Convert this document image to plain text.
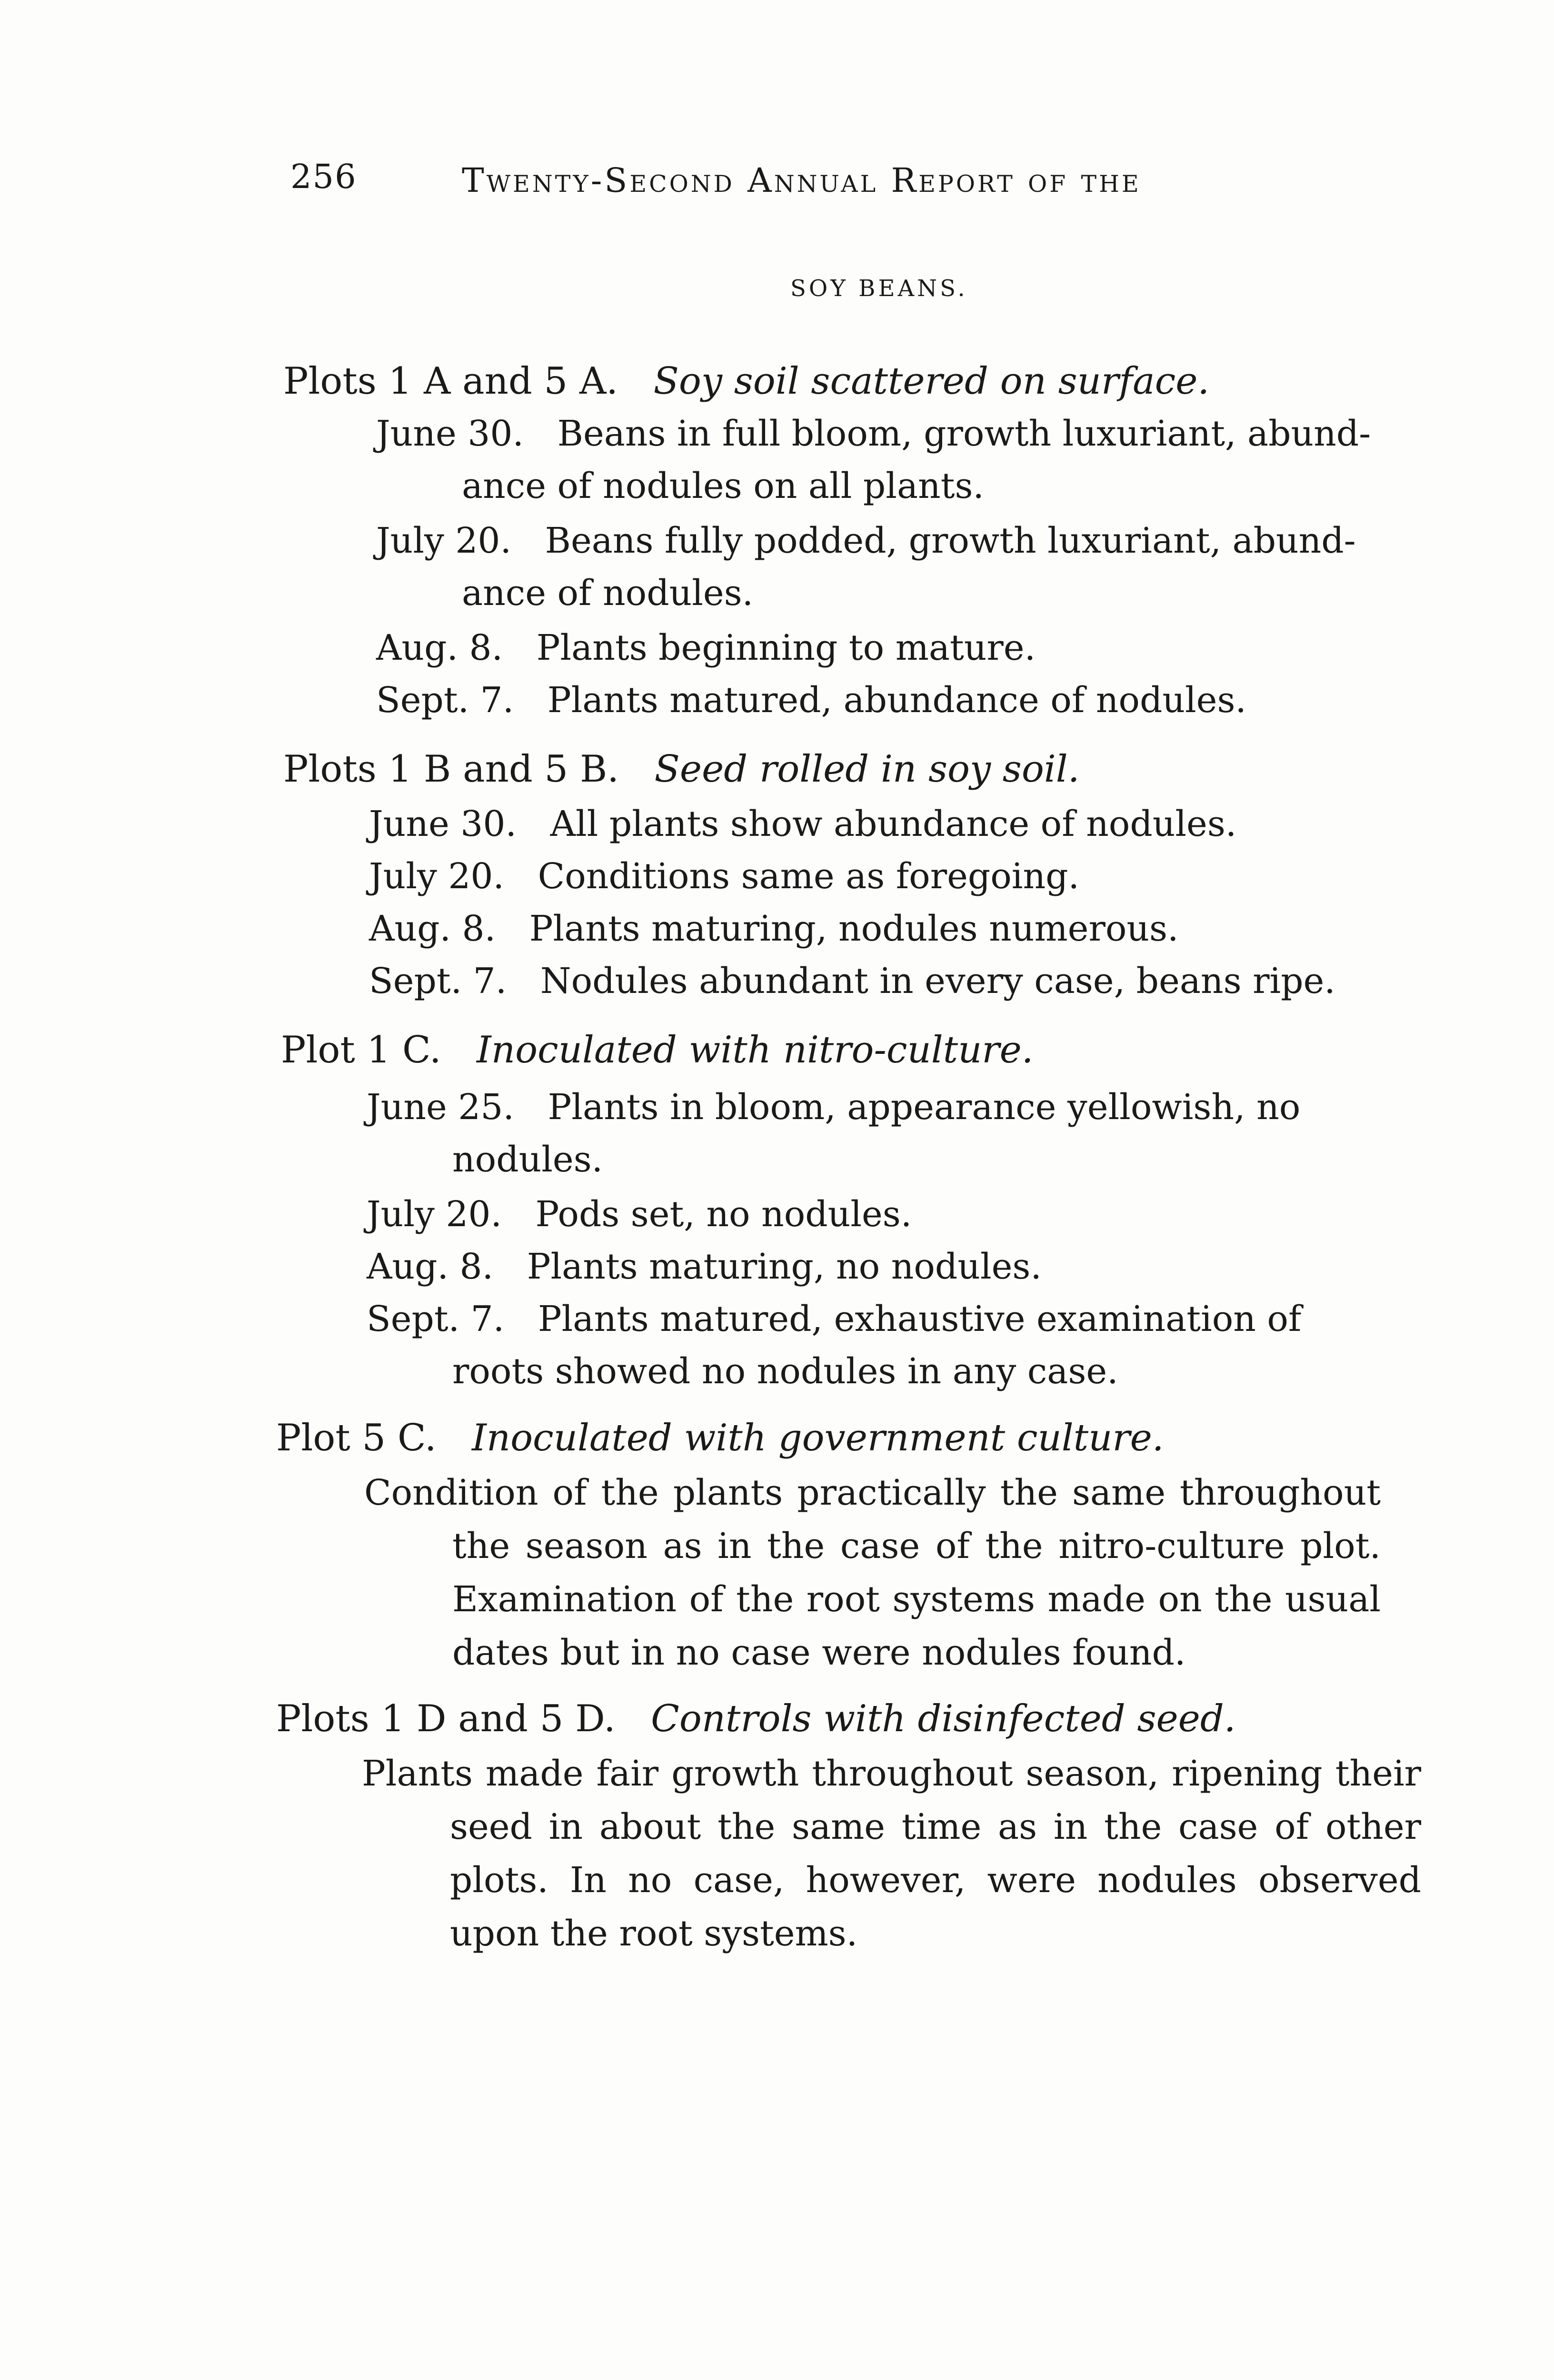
256	Twenty-Second Annual Report of the
SOY BEANS.
Plots 1 A and 5 A. Soy soil scattered on surface.
June 30. Beans in full bloom, growth luxuriant, abund-
ance of nodules on all plants.
July 20. Beans fully podded, growth luxuriant, abund-
ance of nodules.
Aug. 8. Plants beginning to mature.
Sept. 7. Plants matured, abundance of nodules.
Plots 1 B and 5 B. Seed rolled in soy soil.
June 30. All plants show abundance of nodules.
July 20. Conditions same as foregoing.
Aug. 8. Plants maturing, nodules numerous.
Sept. 7. Nodules abundant in every case, beans ripe.
Plot 1 C. Inoculated with nitro-culture.
June 25. Plants in bloom, appearance yellowish, no
nodules.
July 20. Pods set, no nodules.
Aug. 8. Plants maturing, no nodules.
Sept. 7. Plants matured, exhaustive examination of
roots showed no nodules in any case.
Plot 5 C. Inoculated with government culture.
Condition of the plants practically the same throughout the season as in the case of the nitro-culture plot. Examination of the root systems made on the usual dates but in no case were nodules found.
Plots 1 D and 5 D. Controls with disinfected seed.
Plants made fair growth throughout season, ripening their seed in about the same time as in the case of other plots. In no case, however, were nodules observed upon the root systems.
